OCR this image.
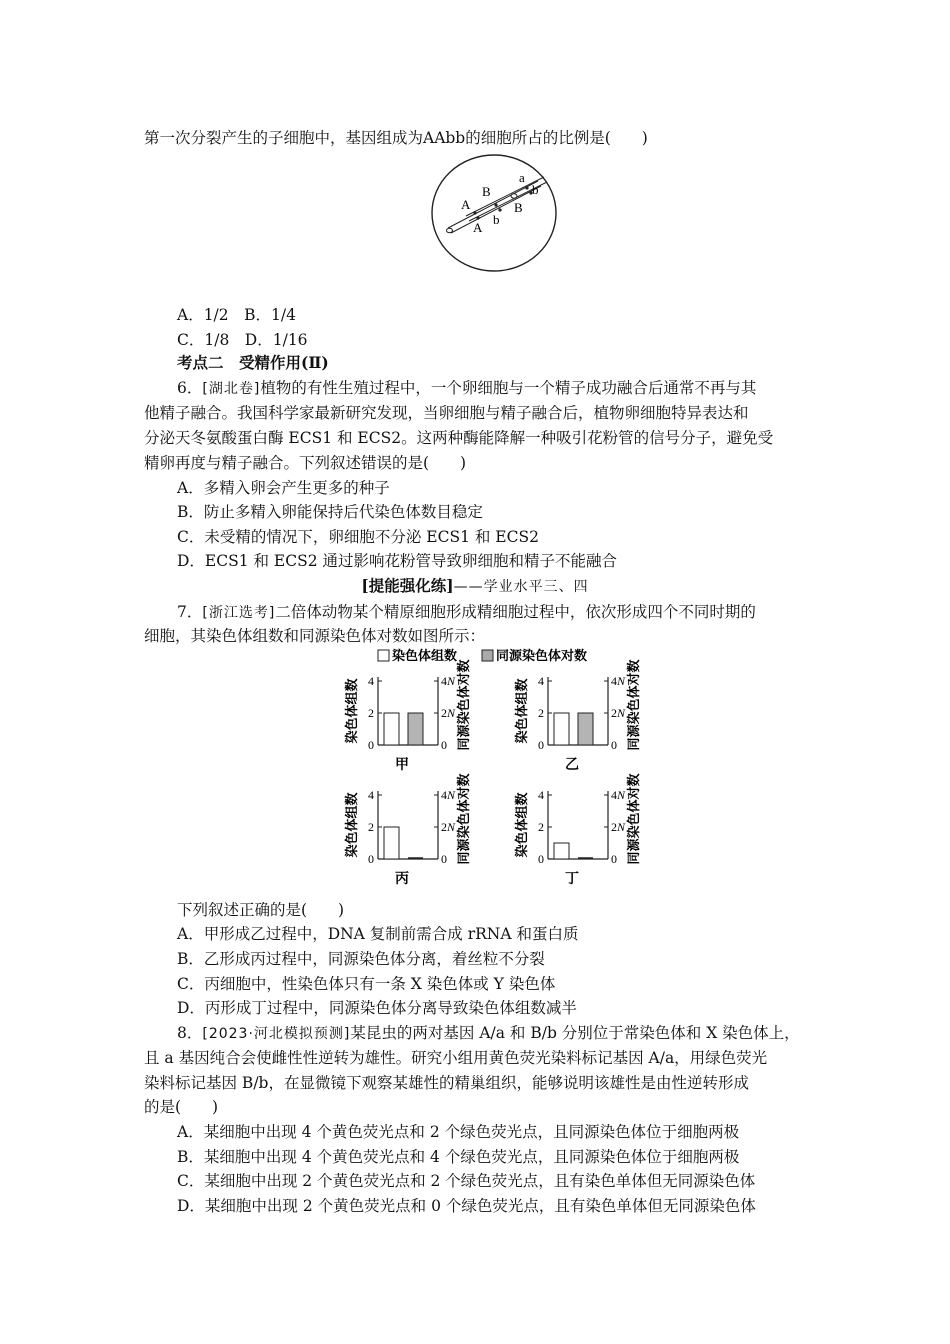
第一次分裂产生的子细胞中，基因组成为AAbb的细胞所占的比例是(　　)
A
A
B
B
a
b
b
A．1/2　B．1/4
C．1/8　D．1/16
考点二　受精作用(Ⅱ)
6．[湖北卷]植物的有性生殖过程中，一个卵细胞与一个精子成功融合后通常不再与其
他精子融合。我国科学家最新研究发现，当卵细胞与精子融合后，植物卵细胞特异表达和
分泌天冬氨酸蛋白酶 ECS1 和 ECS2。这两种酶能降解一种吸引花粉管的信号分子，避免受
精卵再度与精子融合。下列叙述错误的是(　　)
A．多精入卵会产生更多的种子
B．防止多精入卵能保持后代染色体数目稳定
C．未受精的情况下，卵细胞不分泌 ECS1 和 ECS2
D．ECS1 和 ECS2 通过影响花粉管导致卵细胞和精子不能融合
[提能强化练]——学业水平三、四
7．[浙江选考]二倍体动物某个精原细胞形成精细胞过程中，依次形成四个不同时期的
细胞，其染色体组数和同源染色体对数如图所示：
染色体组数	同源染色体对数
4	4N
2	2N
0	0
染色体组数	同源染色体对数
甲
4	4N
2	2N
0	0
染色体组数	同源染色体对数
乙
4	4N
2	2N
0	0
染色体组数	同源染色体对数
丙
4	4N
2	2N
0	0
染色体组数	同源染色体对数
丁
下列叙述正确的是(　　)
A．甲形成乙过程中，DNA 复制前需合成 rRNA 和蛋白质
B．乙形成丙过程中，同源染色体分离，着丝粒不分裂
C．丙细胞中，性染色体只有一条 X 染色体或 Y 染色体
D．丙形成丁过程中，同源染色体分离导致染色体组数减半
8．[2023·河北模拟预测]某昆虫的两对基因 A/a 和 B/b 分别位于常染色体和 X 染色体上，
且 a 基因纯合会使雌性性逆转为雄性。研究小组用黄色荧光染料标记基因 A/a，用绿色荧光
染料标记基因 B/b，在显微镜下观察某雄性的精巢组织，能够说明该雄性是由性逆转形成
的是(　　)
A．某细胞中出现 4 个黄色荧光点和 2 个绿色荧光点，且同源染色体位于细胞两极
B．某细胞中出现 4 个黄色荧光点和 4 个绿色荧光点，且同源染色体位于细胞两极
C．某细胞中出现 2 个黄色荧光点和 2 个绿色荧光点，且有染色单体但无同源染色体
D．某细胞中出现 2 个黄色荧光点和 0 个绿色荧光点，且有染色单体但无同源染色体
